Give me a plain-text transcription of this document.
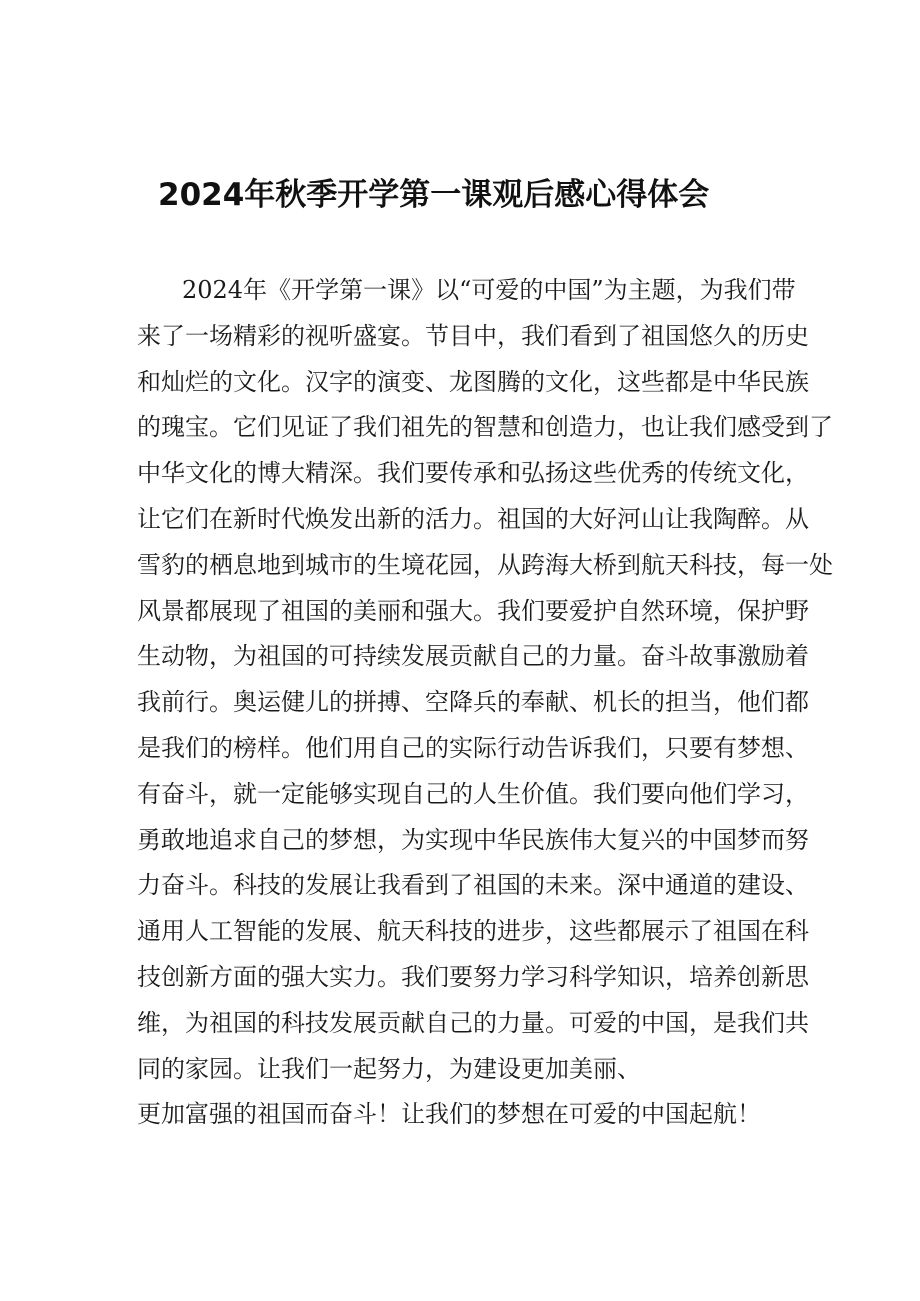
2024年秋季开学第一课观后感心得体会
2024年《开学第一课》以“可爱的中国”为主题，为我们带
来了一场精彩的视听盛宴。节目中，我们看到了祖国悠久的历史
和灿烂的文化。汉字的演变、龙图腾的文化，这些都是中华民族
的瑰宝。它们见证了我们祖先的智慧和创造力，也让我们感受到了
中华文化的博大精深。我们要传承和弘扬这些优秀的传统文化，
让它们在新时代焕发出新的活力。祖国的大好河山让我陶醉。从
雪豹的栖息地到城市的生境花园，从跨海大桥到航天科技，每一处
风景都展现了祖国的美丽和强大。我们要爱护自然环境，保护野
生动物，为祖国的可持续发展贡献自己的力量。奋斗故事激励着
我前行。奥运健儿的拼搏、空降兵的奉献、机长的担当，他们都
是我们的榜样。他们用自己的实际行动告诉我们，只要有梦想、
有奋斗，就一定能够实现自己的人生价值。我们要向他们学习，
勇敢地追求自己的梦想，为实现中华民族伟大复兴的中国梦而努
力奋斗。科技的发展让我看到了祖国的未来。深中通道的建设、
通用人工智能的发展、航天科技的进步，这些都展示了祖国在科
技创新方面的强大实力。我们要努力学习科学知识，培养创新思
维，为祖国的科技发展贡献自己的力量。可爱的中国，是我们共
同的家园。让我们一起努力，为建设更加美丽、
更加富强的祖国而奋斗！让我们的梦想在可爱的中国起航！
